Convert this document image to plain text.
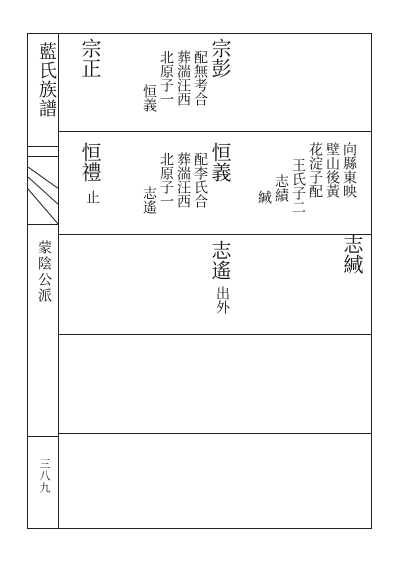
藍氏族譜
蒙陰公派
三八九
宗彭
配無考合
葬湍汪西
北原子一
恒義
宗正
恒義
配李氏合
葬湍汪西
北原子一
志遙
恒禮
止	向縣東映
壁山後黃
花淀子配
王氏子二
志績
緘
志緘
志遙
出外
